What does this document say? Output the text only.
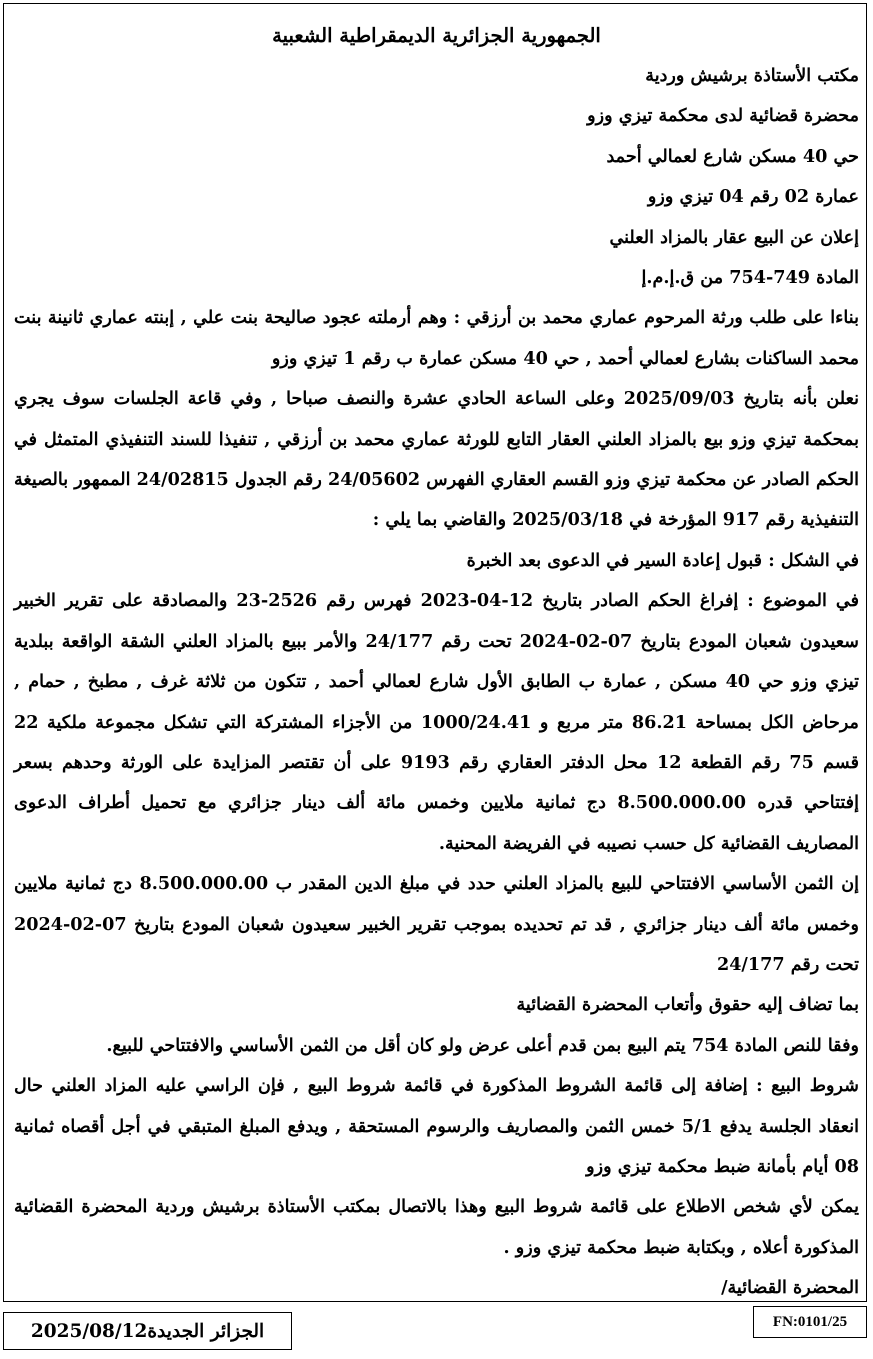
الجمهورية الجزائرية الديمقراطية الشعبية
مكتب الأستاذة برشيش وردية
محضرة قضائية لدى محكمة تيزي وزو
حي 40 مسكن شارع لعمالي أحمد
عمارة 02 رقم 04 تيزي وزو
إعلان عن البيع عقار بالمزاد العلني
المادة 749-754 من ق.إ.م.إ
بناءا على طلب ورثة المرحوم عماري محمد بن أرزقي : وهم أرملته عجود صاليحة بنت علي , إبنته عماري ثانينة بنت محمد الساكنات بشارع لعمالي أحمد , حي 40 مسكن عمارة ب رقم 1 تيزي وزو
نعلن بأنه بتاريخ 2025/09/03 وعلى الساعة الحادي عشرة والنصف صباحا , وفي قاعة الجلسات سوف يجري بمحكمة تيزي وزو بيع بالمزاد العلني العقار التابع للورثة عماري محمد بن أرزقي , تنفيذا للسند التنفيذي المتمثل في الحكم الصادر عن محكمة تيزي وزو القسم العقاري الفهرس 24/05602 رقم الجدول 24/02815 الممهور بالصيغة التنفيذية رقم 917 المؤرخة في 2025/03/18 والقاضي بما يلي :
في الشكل : قبول إعادة السير في الدعوى بعد الخبرة
في الموضوع : إفراغ الحكم الصادر بتاريخ 12-04-2023 فهرس رقم 2526-23 والمصادقة على تقرير الخبير سعيدون شعبان المودع بتاريخ 07-02-2024 تحت رقم 24/177 والأمر ببيع بالمزاد العلني الشقة الواقعة ببلدية تيزي وزو حي 40 مسكن , عمارة ب الطابق الأول شارع لعمالي أحمد , تتكون من ثلاثة غرف , مطبخ , حمام , مرحاض الكل بمساحة 86.21 متر مربع و 1000/24.41 من الأجزاء المشتركة التي تشكل مجموعة ملكية 22 قسم 75 رقم القطعة 12 محل الدفتر العقاري رقم 9193 على أن تقتصر المزايدة على الورثة وحدهم بسعر إفتتاحي قدره 8.500.000.00 دج ثمانية ملايين وخمس مائة ألف دينار جزائري مع تحميل أطراف الدعوى المصاريف القضائية كل حسب نصيبه في الفريضة المحنية.
إن الثمن الأساسي الافتتاحي للبيع بالمزاد العلني حدد في مبلغ الدين المقدر ب 8.500.000.00 دج ثمانية ملايين وخمس مائة ألف دينار جزائري , قد تم تحديده بموجب تقرير الخبير سعيدون شعبان المودع بتاريخ 07-02-2024 تحت رقم 24/177
بما تضاف إليه حقوق وأتعاب المحضرة القضائية
وفقا للنص المادة 754 يتم البيع بمن قدم أعلى عرض ولو كان أقل من الثمن الأساسي والافتتاحي للبيع.
شروط البيع : إضافة إلى قائمة الشروط المذكورة في قائمة شروط البيع , فإن الراسي عليه المزاد العلني حال انعقاد الجلسة يدفع 5/1 خمس الثمن والمصاريف والرسوم المستحقة , ويدفع المبلغ المتبقي في أجل أقصاه ثمانية 08 أيام بأمانة ضبط محكمة تيزي وزو
يمكن لأي شخص الاطلاع على قائمة شروط البيع وهذا بالاتصال بمكتب الأستاذة برشيش وردية المحضرة القضائية المذكورة أعلاه , وبكتابة ضبط محكمة تيزي وزو .
المحضرة القضائية/
الجزائر الجديدة2025/08/12	FN:0101/25
